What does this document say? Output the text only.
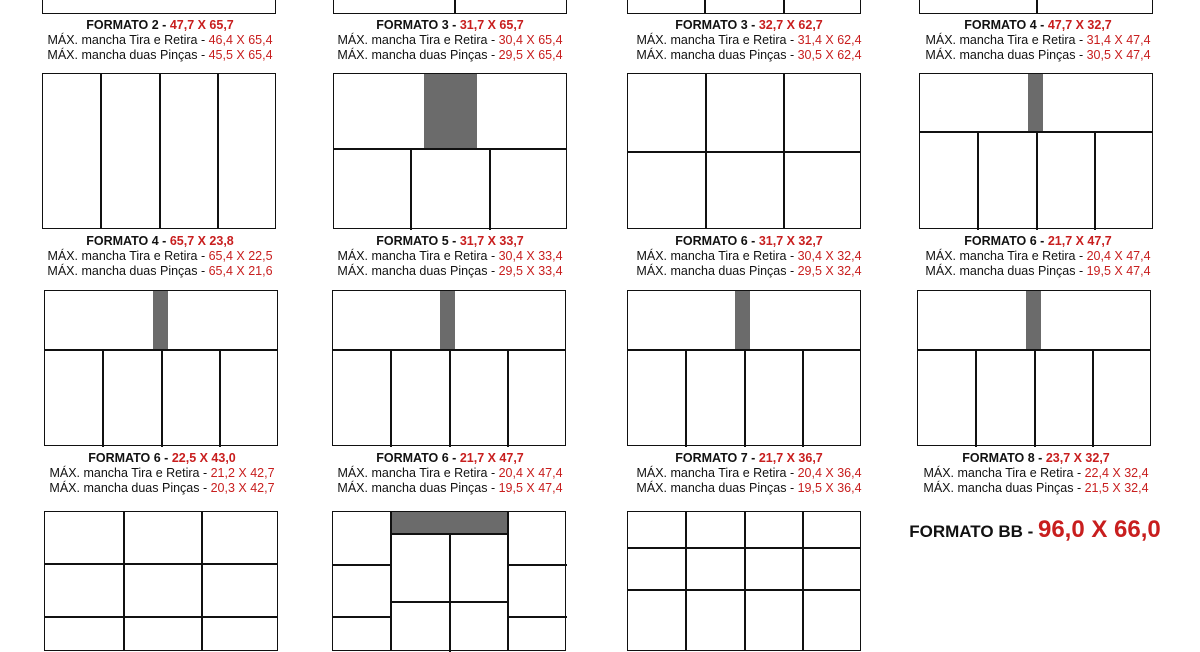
FORMATO 2 - 47,7 X 65,7
MÁX. mancha Tira e Retira - 46,4 X 65,4
MÁX. mancha duas Pinças - 45,5 X 65,4
FORMATO 3 - 31,7 X 65,7
MÁX. mancha Tira e Retira - 30,4 X 65,4
MÁX. mancha duas Pinças - 29,5 X 65,4
FORMATO 3 - 32,7 X 62,7
MÁX. mancha Tira e Retira - 31,4 X 62,4
MÁX. mancha duas Pinças - 30,5 X 62,4
FORMATO 4 - 47,7 X 32,7
MÁX. mancha Tira e Retira - 31,4 X 47,4
MÁX. mancha duas Pinças - 30,5 X 47,4
FORMATO 4 - 65,7 X 23,8
MÁX. mancha Tira e Retira - 65,4 X 22,5
MÁX. mancha duas Pinças - 65,4 X 21,6
FORMATO 5 - 31,7 X 33,7
MÁX. mancha Tira e Retira - 30,4 X 33,4
MÁX. mancha duas Pinças - 29,5 X 33,4
FORMATO 6 - 31,7 X 32,7
MÁX. mancha Tira e Retira - 30,4 X 32,4
MÁX. mancha duas Pinças - 29,5 X 32,4
FORMATO 6 - 21,7 X 47,7
MÁX. mancha Tira e Retira - 20,4 X 47,4
MÁX. mancha duas Pinças - 19,5 X 47,4
FORMATO 6 - 22,5 X 43,0
MÁX. mancha Tira e Retira - 21,2 X 42,7
MÁX. mancha duas Pinças - 20,3 X 42,7
FORMATO 6 - 21,7 X 47,7
MÁX. mancha Tira e Retira - 20,4 X 47,4
MÁX. mancha duas Pinças - 19,5 X 47,4
FORMATO 7 - 21,7 X 36,7
MÁX. mancha Tira e Retira - 20,4 X 36,4
MÁX. mancha duas Pinças - 19,5 X 36,4
FORMATO 8 - 23,7 X 32,7
MÁX. mancha Tira e Retira - 22,4 X 32,4
MÁX. mancha duas Pinças - 21,5 X 32,4
FORMATO BB - 96,0 X 66,0
